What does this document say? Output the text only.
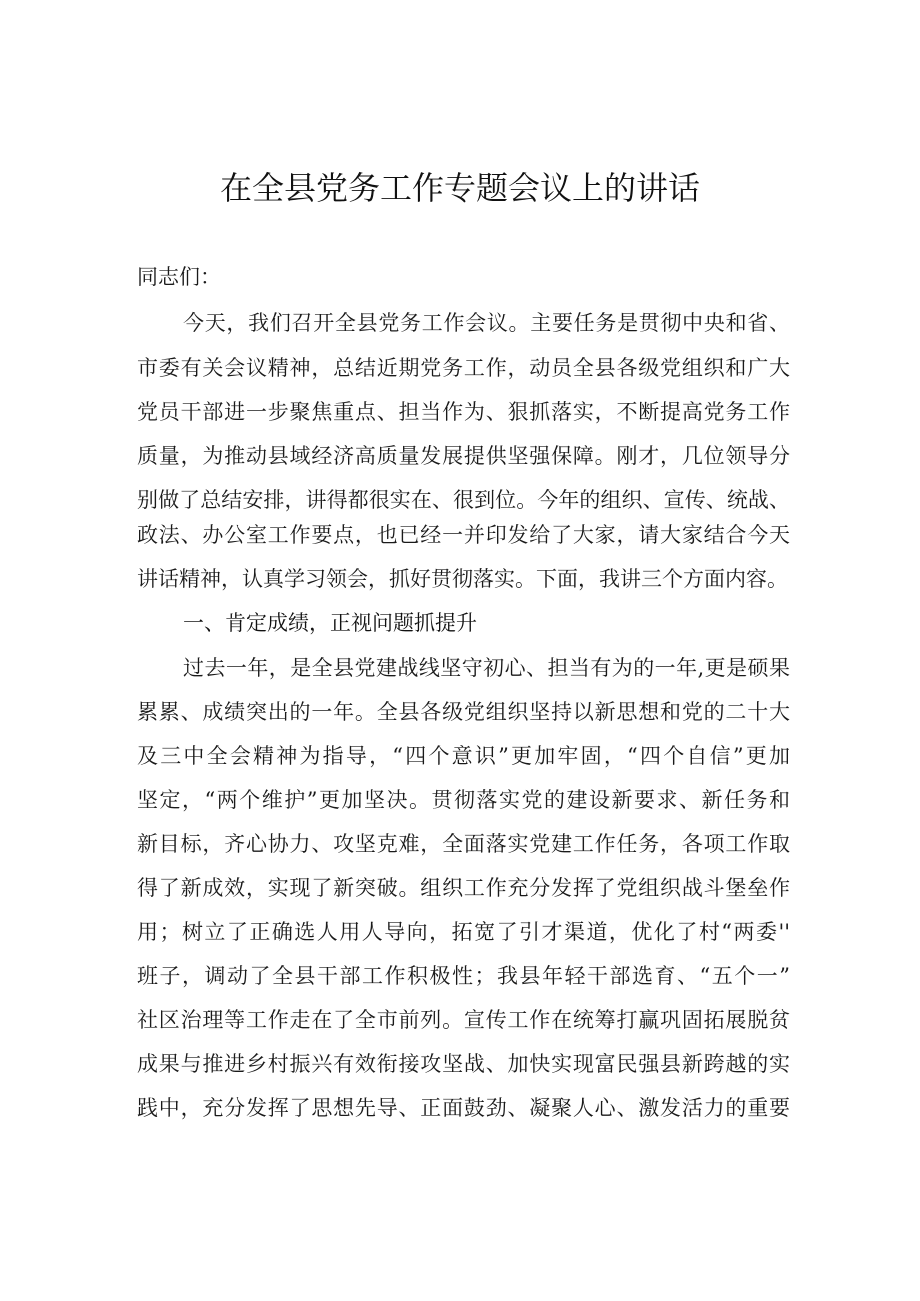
在全县党务工作专题会议上的讲话

同志们：

今天，我们召开全县党务工作会议。主要任务是贯彻中央和省、

市委有关会议精神，总结近期党务工作，动员全县各级党组织和广大

党员干部进一步聚焦重点、担当作为、狠抓落实，不断提高党务工作

质量，为推动县域经济高质量发展提供坚强保障。刚才，几位领导分

别做了总结安排，讲得都很实在、很到位。今年的组织、宣传、统战、

政法、办公室工作要点，也已经一并印发给了大家，请大家结合今天

讲话精神，认真学习领会，抓好贯彻落实。下面，我讲三个方面内容。

一、肯定成绩，正视问题抓提升

过去一年，是全县党建战线坚守初心、担当有为的一年,更是硕果

累累、成绩突出的一年。全县各级党组织坚持以新思想和党的二十大

及三中全会精神为指导，“四个意识”更加牢固，“四个自信”更加

坚定，“两个维护”更加坚决。贯彻落实党的建设新要求、新任务和

新目标，齐心协力、攻坚克难，全面落实党建工作任务，各项工作取

得了新成效，实现了新突破。组织工作充分发挥了党组织战斗堡垒作

用；树立了正确选人用人导向，拓宽了引才渠道，优化了村“两委''

班子，调动了全县干部工作积极性；我县年轻干部选育、“五个一”

社区治理等工作走在了全市前列。宣传工作在统筹打赢巩固拓展脱贫

成果与推进乡村振兴有效衔接攻坚战、加快实现富民强县新跨越的实

践中，充分发挥了思想先导、正面鼓劲、凝聚人心、激发活力的重要
